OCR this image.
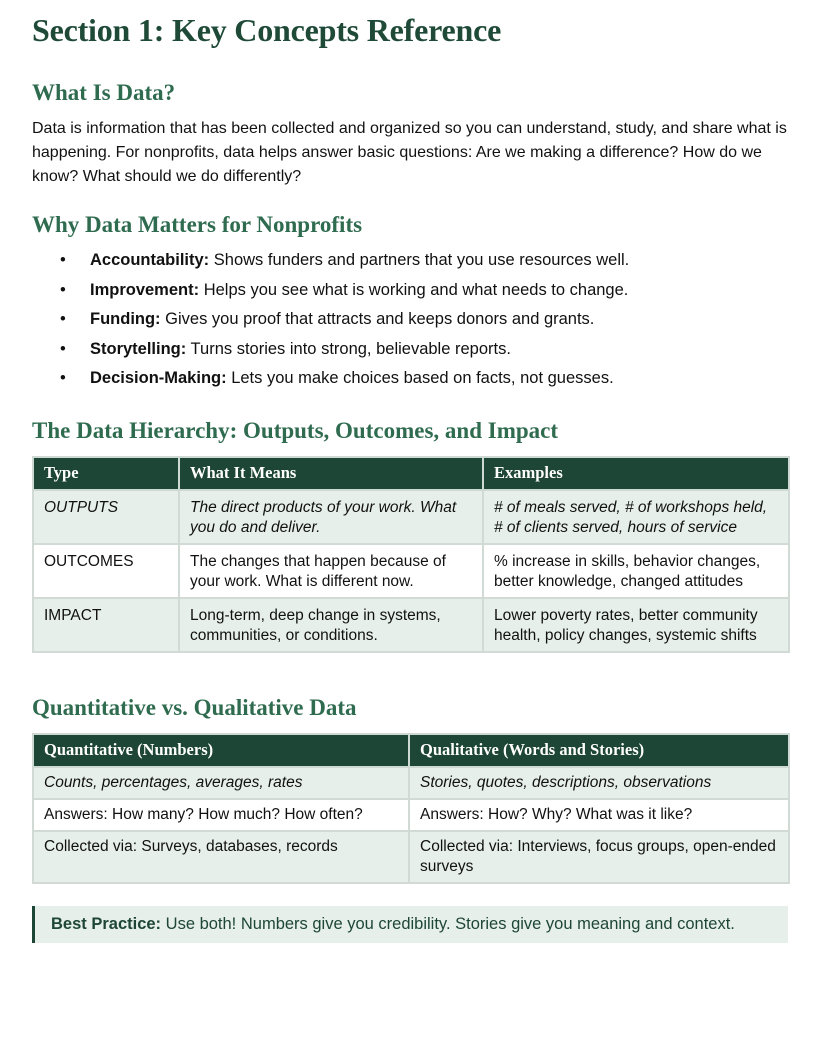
Section 1: Key Concepts Reference
What Is Data?

Data is information that has been collected and organized so you can understand, study, and share what is happening. For nonprofits, data helps answer basic questions: Are we making a difference? How do we know? What should we do differently?

Why Data Matters for Nonprofits
• Accountability: Shows funders and partners that you use resources well.
• Improvement: Helps you see what is working and what needs to change.
• Funding: Gives you proof that attracts and keeps donors and grants.
• Storytelling: Turns stories into strong, believable reports.
• Decision-Making: Lets you make choices based on facts, not guesses.
The Data Hierarchy: Outputs, Outcomes, and Impact
Type	What It Means	Examples
OUTPUTS	The direct products of your work. What you do and deliver.	# of meals served, # of workshops held, # of clients served, hours of service
OUTCOMES	The changes that happen because of your work. What is different now.	% increase in skills, behavior changes, better knowledge, changed attitudes
IMPACT	Long-term, deep change in systems, communities, or conditions.	Lower poverty rates, better community health, policy changes, systemic shifts
Quantitative vs. Qualitative Data
Quantitative (Numbers)	Qualitative (Words and Stories)
Counts, percentages, averages, rates	Stories, quotes, descriptions, observations
Answers: How many? How much? How often?	Answers: How? Why? What was it like?
Collected via: Surveys, databases, records	Collected via: Interviews, focus groups, open-ended surveys
Best Practice: Use both! Numbers give you credibility. Stories give you meaning and context.
